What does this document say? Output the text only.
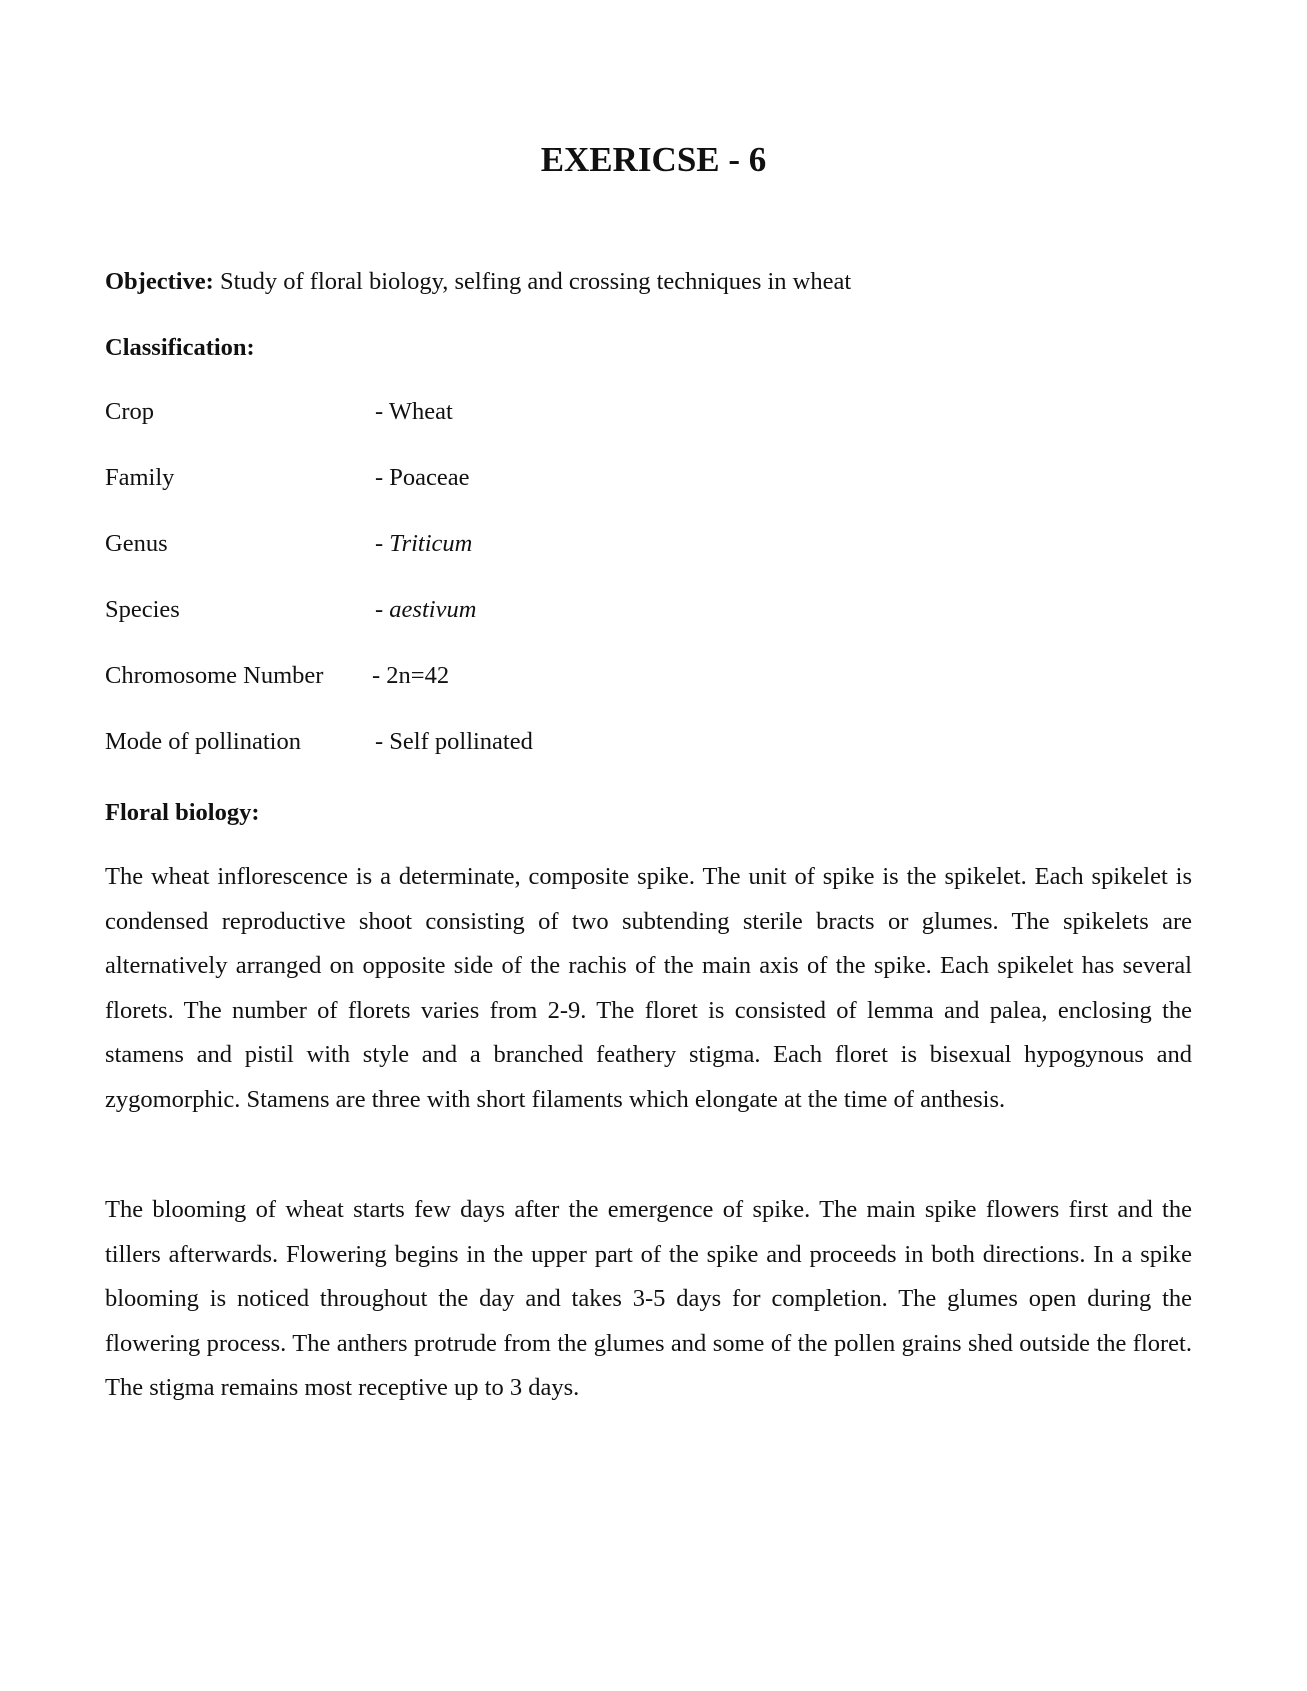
EXERICSE - 6
Objective: Study of floral biology, selfing and crossing techniques in wheat
Classification:
Crop	- Wheat
Family	- Poaceae
Genus	- Triticum
Species	- aestivum
Chromosome Number - 2n=42
Mode of pollination	- Self pollinated
Floral biology:

The wheat inflorescence is a determinate, composite spike. The unit of spike is the spikelet. Each spikelet is condensed reproductive shoot consisting of two subtending sterile bracts or glumes. The spikelets are alternatively arranged on opposite side of the rachis of the main axis of the spike. Each spikelet has several florets. The number of florets varies from 2-9. The floret is consisted of lemma and palea, enclosing the stamens and pistil with style and a branched feathery stigma. Each floret is bisexual hypogynous and zygomorphic. Stamens are three with short filaments which elongate at the time of anthesis.

The blooming of wheat starts few days after the emergence of spike. The main spike flowers first and the tillers afterwards. Flowering begins in the upper part of the spike and proceeds in both directions. In a spike blooming is noticed throughout the day and takes 3-5 days for completion. The glumes open during the flowering process. The anthers protrude from the glumes and some of the pollen grains shed outside the floret. The stigma remains most receptive up to 3 days.
